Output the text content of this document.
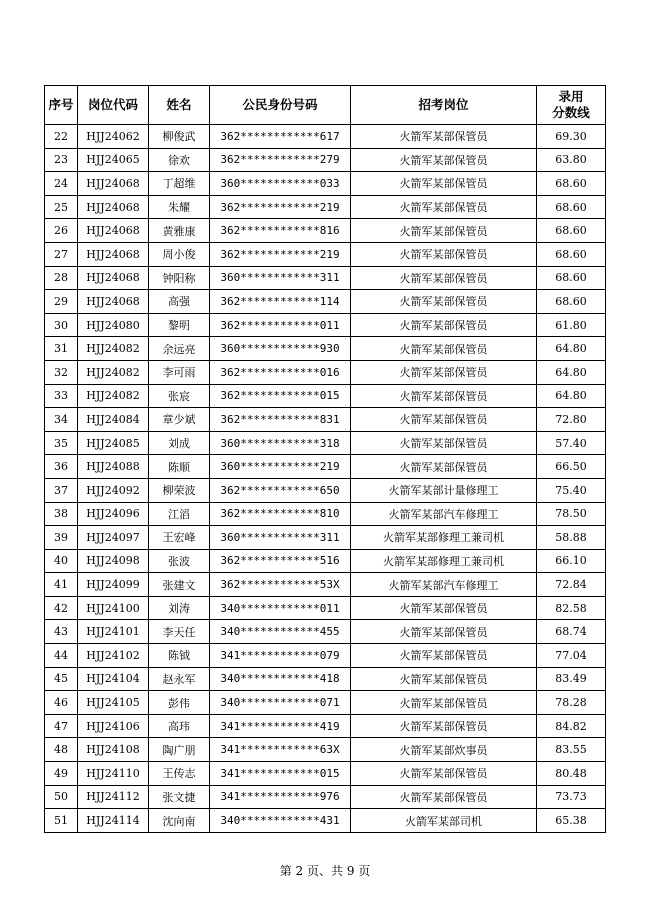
序号	岗位代码	姓名	公民身份号码	招考岗位	录用
分数线
22	HJJ24062	柳俊武	362************617	火箭军某部保管员	69.30
23	HJJ24065	徐欢	362************279	火箭军某部保管员	63.80
24	HJJ24068	丁超维	360************033	火箭军某部保管员	68.60
25	HJJ24068	朱耀	362************219	火箭军某部保管员	68.60
26	HJJ24068	黄雅康	362************816	火箭军某部保管员	68.60
27	HJJ24068	周小俊	362************219	火箭军某部保管员	68.60
28	HJJ24068	钟阳称	360************311	火箭军某部保管员	68.60
29	HJJ24068	高强	362************114	火箭军某部保管员	68.60
30	HJJ24080	黎明	362************011	火箭军某部保管员	61.80
31	HJJ24082	余远亮	360************930	火箭军某部保管员	64.80
32	HJJ24082	李可雨	362************016	火箭军某部保管员	64.80
33	HJJ24082	张宸	362************015	火箭军某部保管员	64.80
34	HJJ24084	章少斌	362************831	火箭军某部保管员	72.80
35	HJJ24085	刘成	360************318	火箭军某部保管员	57.40
36	HJJ24088	陈顺	360************219	火箭军某部保管员	66.50
37	HJJ24092	柳荣波	362************650	火箭军某部计量修理工	75.40
38	HJJ24096	江滔	362************810	火箭军某部汽车修理工	78.50
39	HJJ24097	王宏峰	360************311	火箭军某部修理工兼司机	58.88
40	HJJ24098	张波	362************516	火箭军某部修理工兼司机	66.10
41	HJJ24099	张建文	362************53X	火箭军某部汽车修理工	72.84
42	HJJ24100	刘涛	340************011	火箭军某部保管员	82.58
43	HJJ24101	李天任	340************455	火箭军某部保管员	68.74
44	HJJ24102	陈钺	341************079	火箭军某部保管员	77.04
45	HJJ24104	赵永军	340************418	火箭军某部保管员	83.49
46	HJJ24105	彭伟	340************071	火箭军某部保管员	78.28
47	HJJ24106	高玮	341************419	火箭军某部保管员	84.82
48	HJJ24108	陶广朋	341************63X	火箭军某部炊事员	83.55
49	HJJ24110	王传志	341************015	火箭军某部保管员	80.48
50	HJJ24112	张文捷	341************976	火箭军某部保管员	73.73
51	HJJ24114	沈向南	340************431	火箭军某部司机	65.38
第 2 页、共 9 页
